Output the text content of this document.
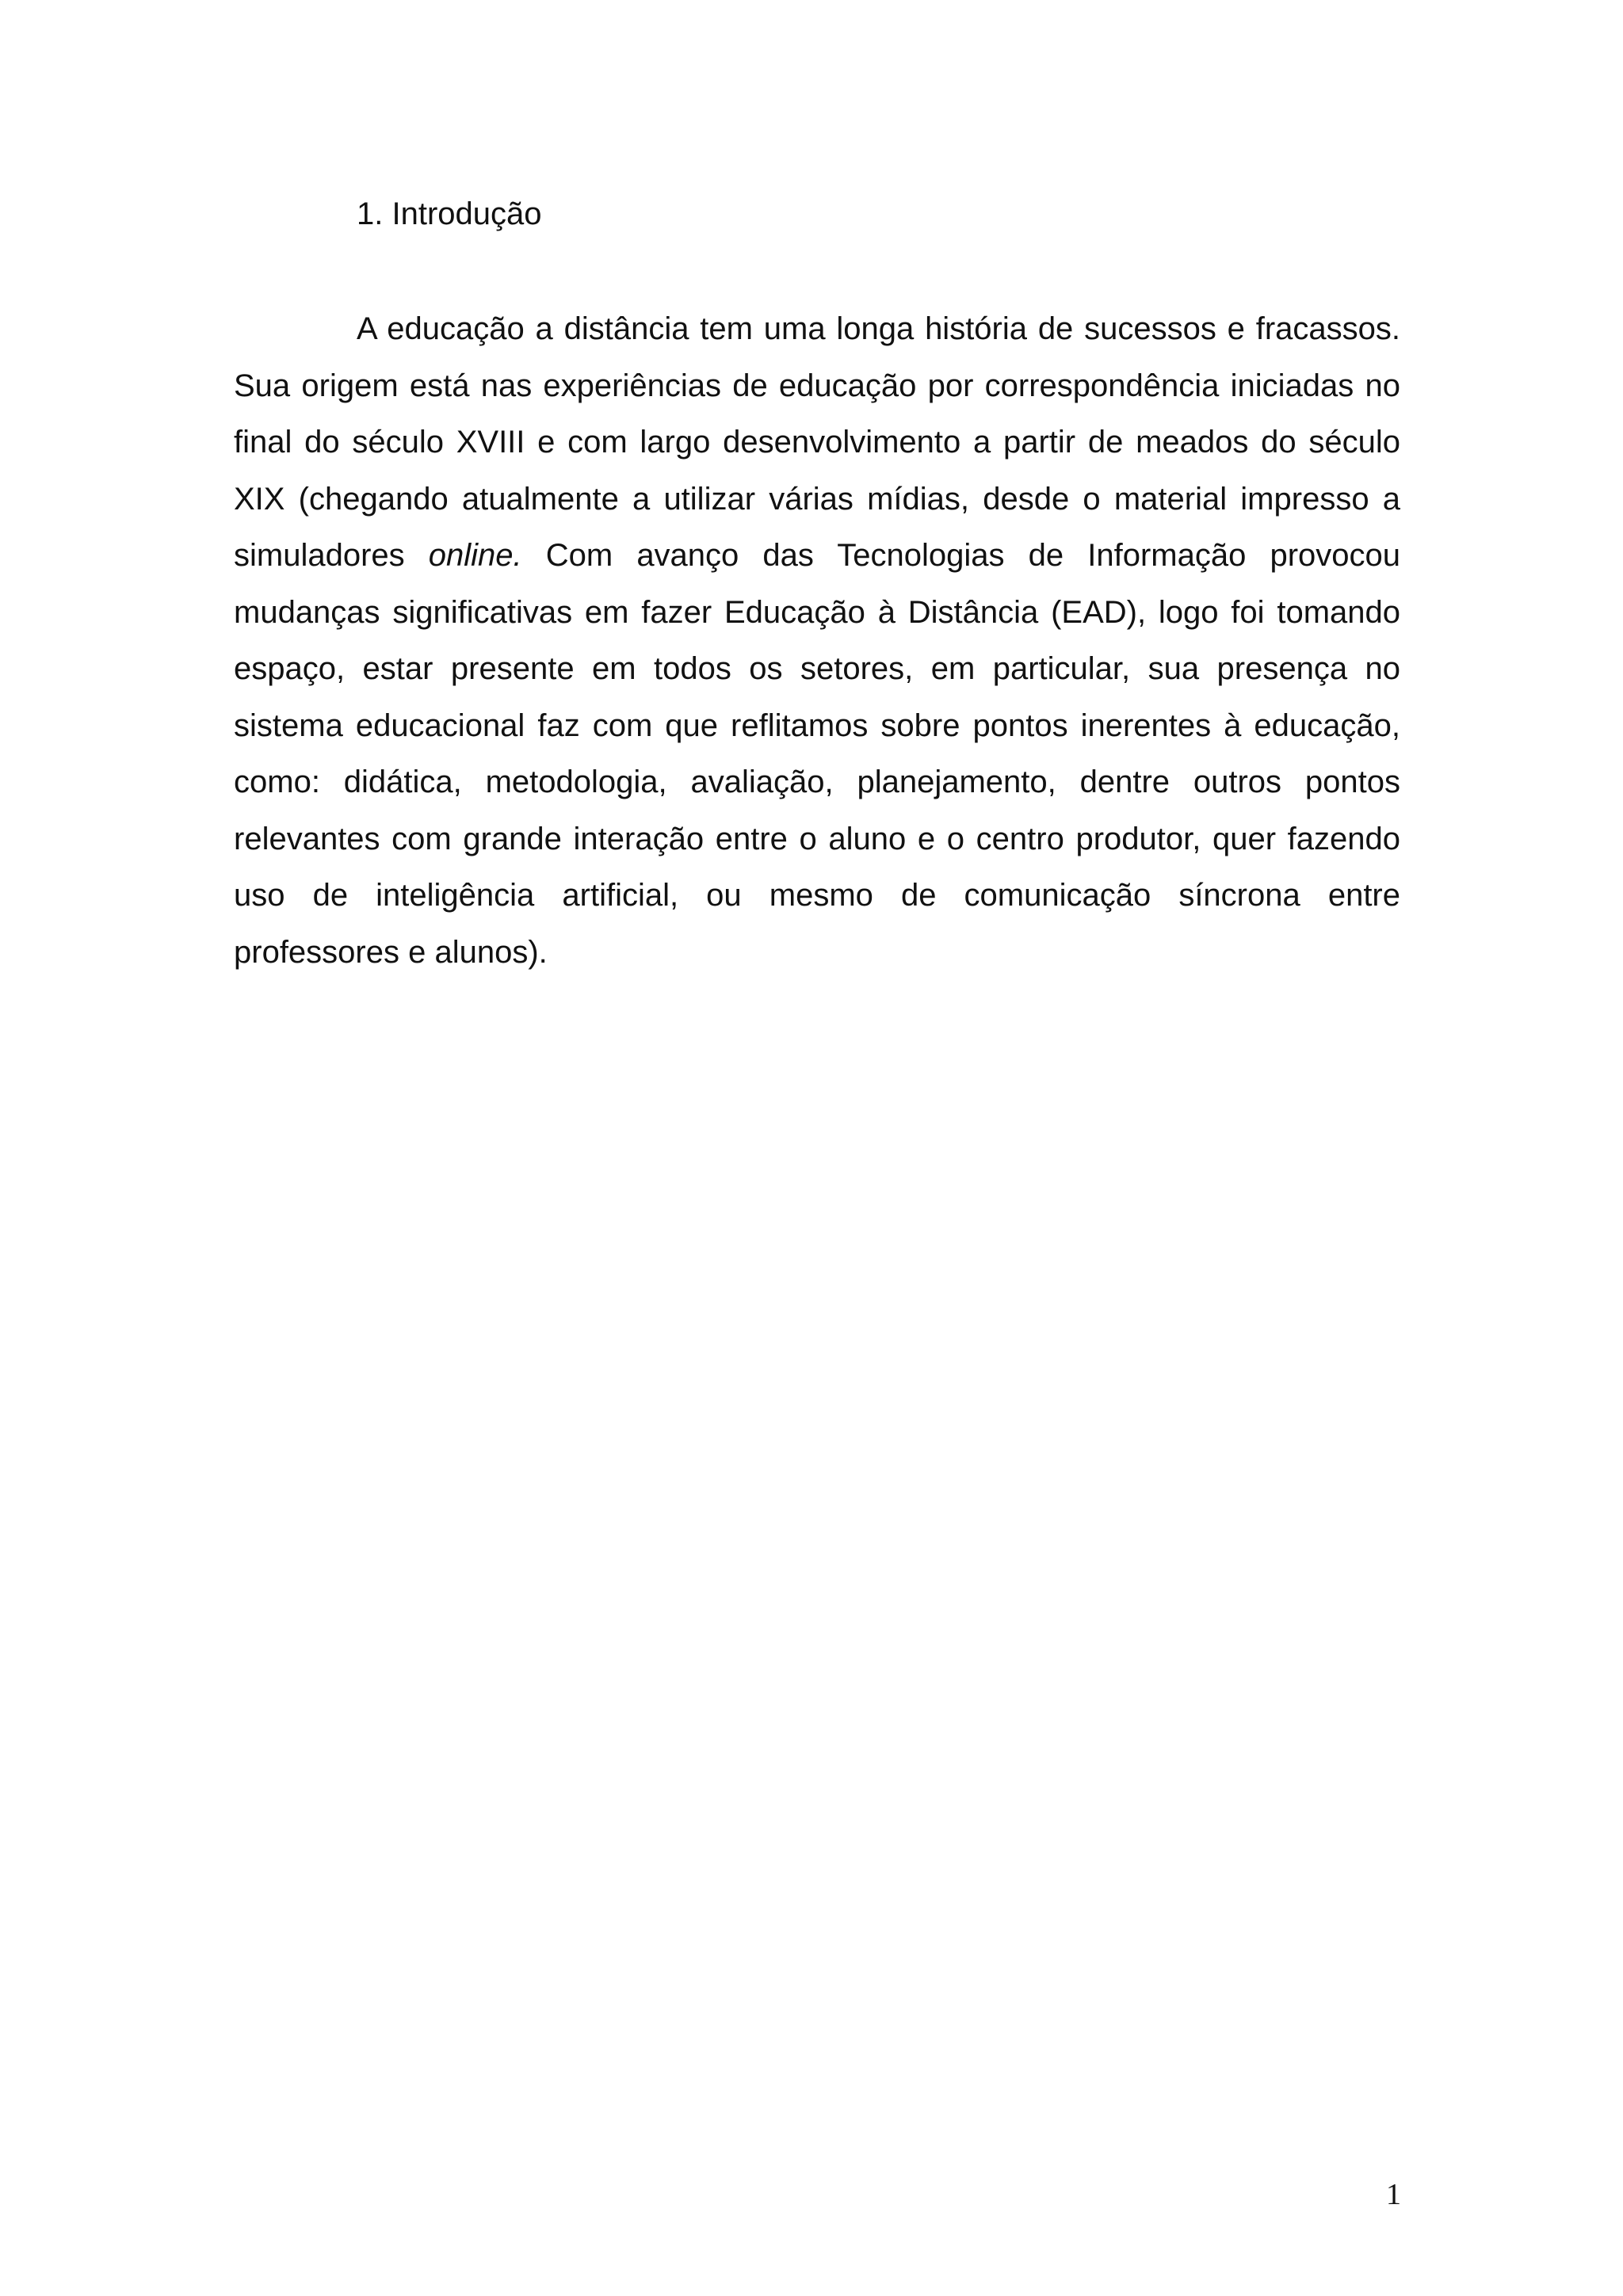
1. Introdução

A educação a distância tem uma longa história de sucessos e fracassos. Sua origem está nas experiências de educação por correspondência iniciadas no final do século XVIII e com largo desenvolvimento a partir de meados do século XIX (chegando atualmente a utilizar várias mídias, desde o material impresso a simuladores online. Com avanço das Tecnologias de Informação provocou mudanças significativas em fazer Educação à Distância (EAD), logo foi tomando espaço, estar presente em todos os setores, em particular, sua presença no sistema educacional faz com que reflitamos sobre pontos inerentes à educação, como: didática, metodologia, avaliação, planejamento, dentre outros pontos relevantes com grande interação entre o aluno e o centro produtor, quer fazendo uso de inteligência artificial, ou mesmo de comunicação síncrona entre professores e alunos).

1
